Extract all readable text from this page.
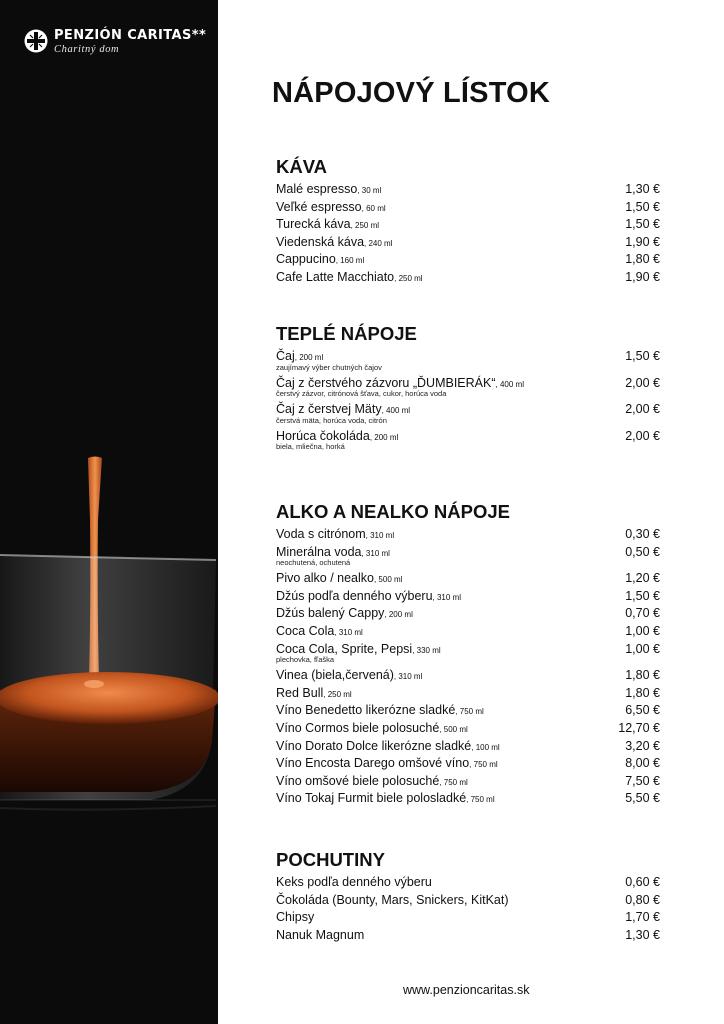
PENZIÓN CARITAS**
Charitný dom
NÁPOJOVÝ LÍSTOK
KÁVA
Malé espresso, 30 ml	1,30 €
Veľké espresso, 60 ml	1,50 €
Turecká káva, 250 ml	1,50 €
Viedenská káva, 240 ml	1,90 €
Cappucino, 160 ml	1,80 €
Cafe Latte Macchiato, 250 ml	1,90 €
TEPLÉ NÁPOJE
Čaj, 200 ml	1,50 €
zaujímavý výber chutných čajov
Čaj z čerstvého zázvoru „ĎUMBIERÁK“, 400 ml	2,00 €
čerstvý zázvor, citrónová šťava, cukor, horúca voda
Čaj z čerstvej Mäty, 400 ml	2,00 €
čerstvá mäta, horúca voda, citrón
Horúca čokoláda, 200 ml	2,00 €
biela, mliečna, horká
ALKO A NEALKO NÁPOJE
Voda s citrónom, 310 ml	0,30 €
Minerálna voda, 310 ml	0,50 €
neochutená, ochutená
Pivo alko / nealko, 500 ml	1,20 €
Džús podľa denného výberu, 310 ml	1,50 €
Džús balený Cappy, 200 ml	0,70 €
Coca Cola, 310 ml	1,00 €
Coca Cola, Sprite, Pepsi, 330 ml	1,00 €
plechovka, fľaška
Vinea (biela,červená), 310 ml	1,80 €
Red Bull, 250 ml	1,80 €
Víno Benedetto likerózne sladké, 750 ml	6,50 €
Víno Cormos biele polosuché, 500 ml	12,70 €
Víno Dorato Dolce likerózne sladké, 100 ml	3,20 €
Víno Encosta Darego omšové víno, 750 ml	8,00 €
Víno omšové biele polosuché, 750 ml	7,50 €
Víno Tokaj Furmit biele polosladké, 750 ml	5,50 €
POCHUTINY
Keks podľa denného výberu	0,60 €
Čokoláda (Bounty, Mars, Snickers, KitKat)	0,80 €
Chipsy	1,70 €
Nanuk Magnum	1,30 €
www.penzioncaritas.sk
